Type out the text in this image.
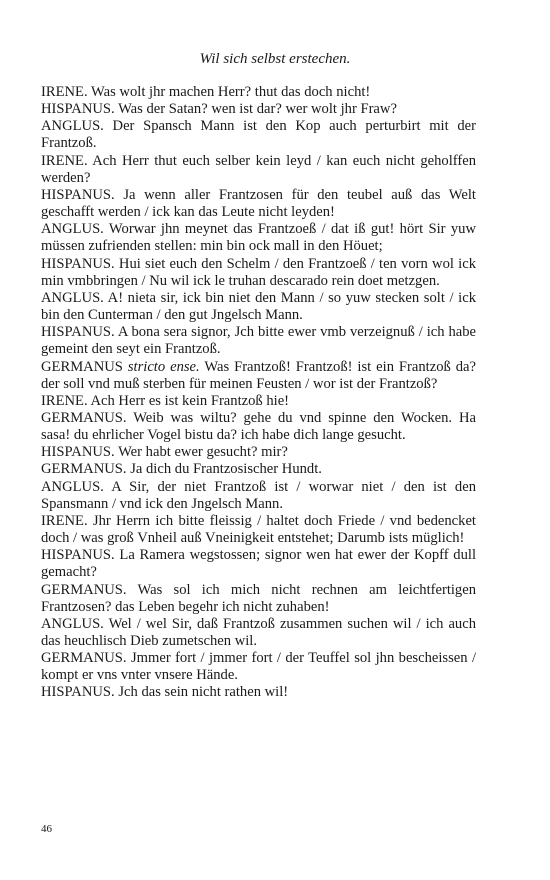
Wil sich selbst erstechen.

IRENE. Was wolt jhr machen Herr? thut das doch nicht!

HISPANUS. Was der Satan? wen ist dar? wer wolt jhr Fraw?

ANGLUS. Der Spansch Mann ist den Kop auch perturbirt mit der Frantzoß.

IRENE. Ach Herr thut euch selber kein leyd / kan euch nicht geholffen werden?

HISPANUS. Ja wenn aller Frantzosen für den teubel auß das Welt geschafft werden / ick kan das Leute nicht leyden!

ANGLUS. Worwar jhn meynet das Frantzoeß / dat iß gut! hört Sir yuw müssen zufrienden stellen: min bin ock mall in den Höuet;

HISPANUS. Hui siet euch den Schelm / den Frantzoeß / ten vorn wol ick min vmbbringen / Nu wil ick le truhan descarado rein doet metzgen.

ANGLUS. A! nieta sir, ick bin niet den Mann / so yuw stecken solt / ick bin den Cunterman / den gut Jngelsch Mann.

HISPANUS. A bona sera signor, Jch bitte ewer vmb verzeignuß / ich habe gemeint den seyt ein Frantzoß.

GERMANUS stricto ense. Was Frantzoß! Frantzoß! ist ein Frantzoß da? der soll vnd muß sterben für meinen Feusten / wor ist der Frantzoß?

IRENE. Ach Herr es ist kein Frantzoß hie!

GERMANUS. Weib was wiltu? gehe du vnd spinne den Wocken. Ha sasa! du ehrlicher Vogel bistu da? ich habe dich lange gesucht.

HISPANUS. Wer habt ewer gesucht? mir?

GERMANUS. Ja dich du Frantzosischer Hundt.

ANGLUS. A Sir, der niet Frantzoß ist / worwar niet / den ist den Spansmann / vnd ick den Jngelsch Mann.

IRENE. Jhr Herrn ich bitte fleissig / haltet doch Friede / vnd bedencket doch / was groß Vnheil auß Vneinigkeit entstehet; Darumb ists müglich!

HISPANUS. La Ramera wegstossen; signor wen hat ewer der Kopff dull gemacht?

GERMANUS. Was sol ich mich nicht rechnen am leichtfertigen Frantzosen? das Leben begehr ich nicht zuhaben!

ANGLUS. Wel / wel Sir, daß Frantzoß zusammen suchen wil / ich auch das heuchlisch Dieb zumetschen wil.

GERMANUS. Jmmer fort / jmmer fort / der Teuffel sol jhn bescheissen / kompt er vns vnter vnsere Hände.

HISPANUS. Jch das sein nicht rathen wil!

46
